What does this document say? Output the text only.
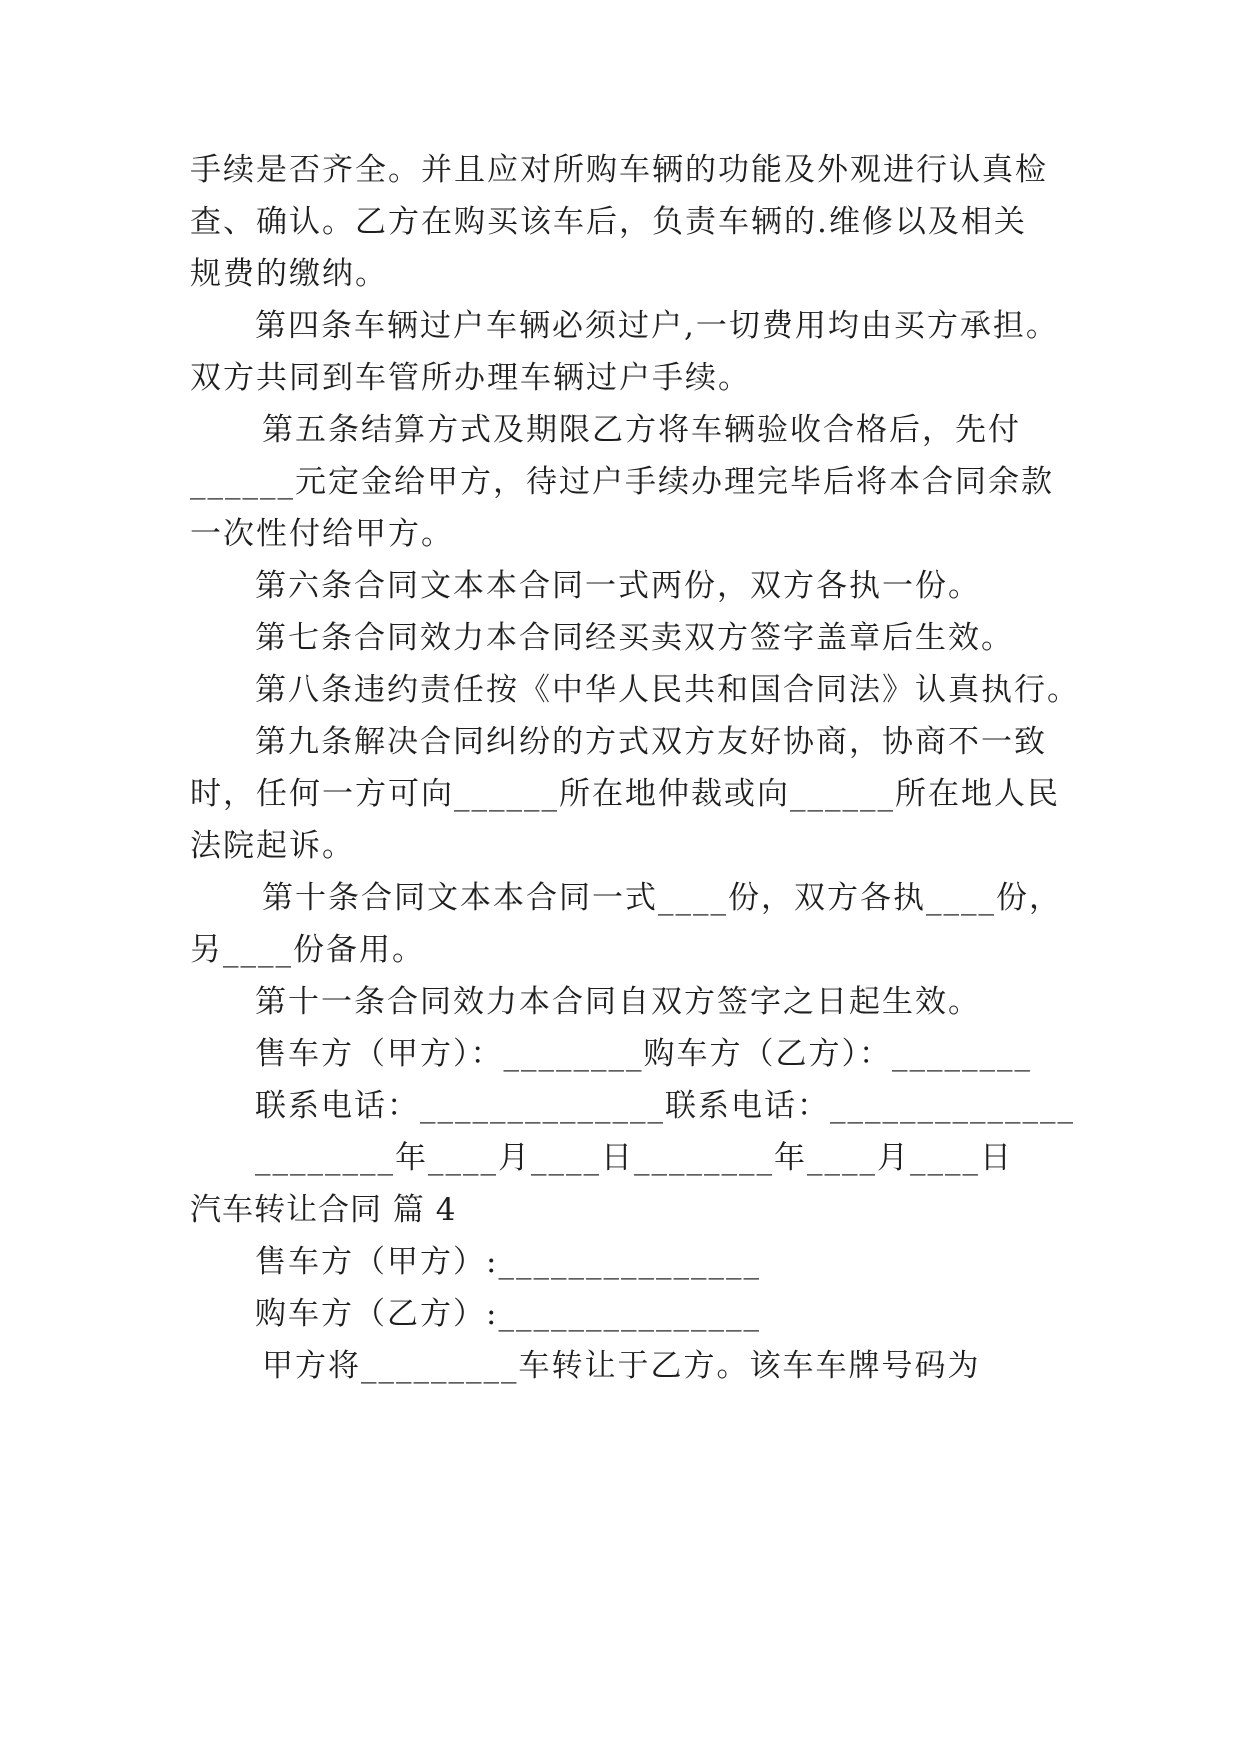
手续是否齐全。并且应对所购车辆的功能及外观进行认真检
查、确认。乙方在购买该车后，负责车辆的.维修以及相关
规费的缴纳。
第四条车辆过户车辆必须过户,一切费用均由买方承担。
双方共同到车管所办理车辆过户手续。
第五条结算方式及期限乙方将车辆验收合格后，先付
______元定金给甲方，待过户手续办理完毕后将本合同余款
一次性付给甲方。
第六条合同文本本合同一式两份，双方各执一份。
第七条合同效力本合同经买卖双方签字盖章后生效。
第八条违约责任按《中华人民共和国合同法》认真执行。
第九条解决合同纠纷的方式双方友好协商，协商不一致
时，任何一方可向______所在地仲裁或向______所在地人民
法院起诉。
第十条合同文本本合同一式____份，双方各执____份，
另____份备用。
第十一条合同效力本合同自双方签字之日起生效。
售车方（甲方）：________购车方（乙方）：________
联系电话：______________联系电话：______________
________年____月____日________年____月____日
汽车转让合同 篇 4
售车方（甲方）:_______________
购车方（乙方）:_______________
甲方将_________车转让于乙方。该车车牌号码为
